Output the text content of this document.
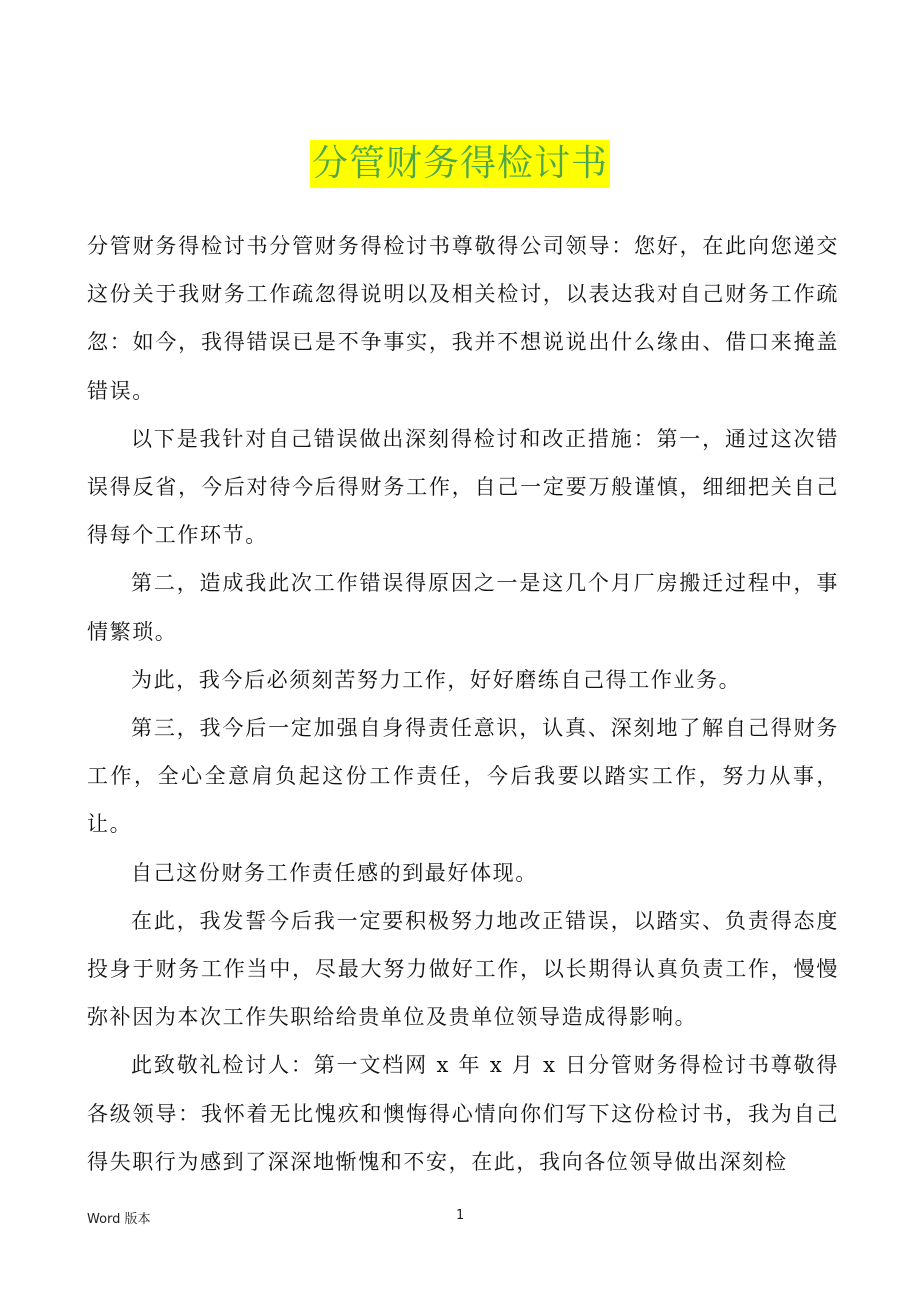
分管财务得检讨书

分管财务得检讨书分管财务得检讨书尊敬得公司领导：您好，在此向您递交这份关于我财务工作疏忽得说明以及相关检讨，以表达我对自己财务工作疏忽：如今，我得错误已是不争事实，我并不想说说出什么缘由、借口来掩盖错误。

以下是我针对自己错误做出深刻得检讨和改正措施：第一，通过这次错误得反省，今后对待今后得财务工作，自己一定要万般谨慎，细细把关自己得每个工作环节。

第二，造成我此次工作错误得原因之一是这几个月厂房搬迁过程中，事情繁琐。

为此，我今后必须刻苦努力工作，好好磨练自己得工作业务。

第三，我今后一定加强自身得责任意识，认真、深刻地了解自己得财务工作，全心全意肩负起这份工作责任，今后我要以踏实工作，努力从事，让。

自己这份财务工作责任感的到最好体现。

在此，我发誓今后我一定要积极努力地改正错误，以踏实、负责得态度投身于财务工作当中，尽最大努力做好工作，以长期得认真负责工作，慢慢弥补因为本次工作失职给给贵单位及贵单位领导造成得影响。

此致敬礼检讨人：第一文档网 x 年 x 月 x 日分管财务得检讨书尊敬得各级领导：我怀着无比愧疚和懊悔得心情向你们写下这份检讨书，我为自己得失职行为感到了深深地惭愧和不安，在此，我向各位领导做出深刻检

Word 版本	1
